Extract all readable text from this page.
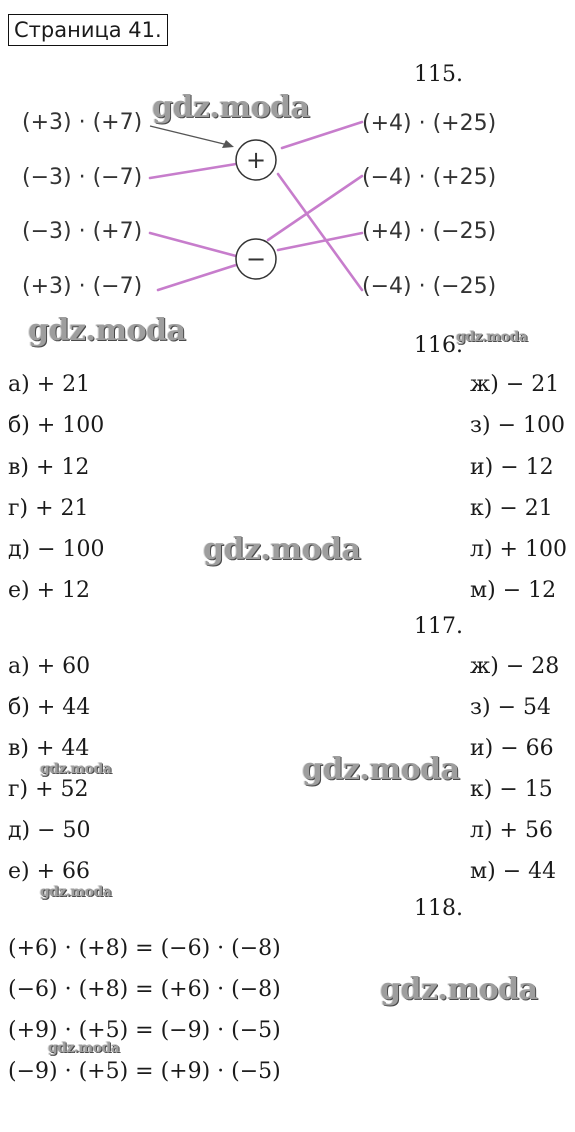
Страница 41.
115.
+
−
(+3) · (+7)
(−3) · (−7)
(−3) · (+7)
(+3) · (−7)
(+4) · (+25)
(−4) · (+25)
(+4) · (−25)
(−4) · (−25)
116.
а) + 21
б) + 100
в) + 12
г) + 21
д) − 100
е) + 12
ж) − 21
з) − 100
и) − 12
к) − 21
л) + 100
м) − 12
117.
а) + 60
б) + 44
в) + 44
г) + 52
д) − 50
е) + 66
ж) − 28
з) − 54
и) − 66
к) − 15
л) + 56
м) − 44
118.
(+6) · (+8) = (−6) · (−8)
(−6) · (+8) = (+6) · (−8)
(+9) · (+5) = (−9) · (−5)
(−9) · (+5) = (+9) · (−5)
gdz.moda
gdz.moda	gdz.moda
gdz.moda
gdz.moda	gdz.moda
gdz.moda
gdz.moda
gdz.moda
